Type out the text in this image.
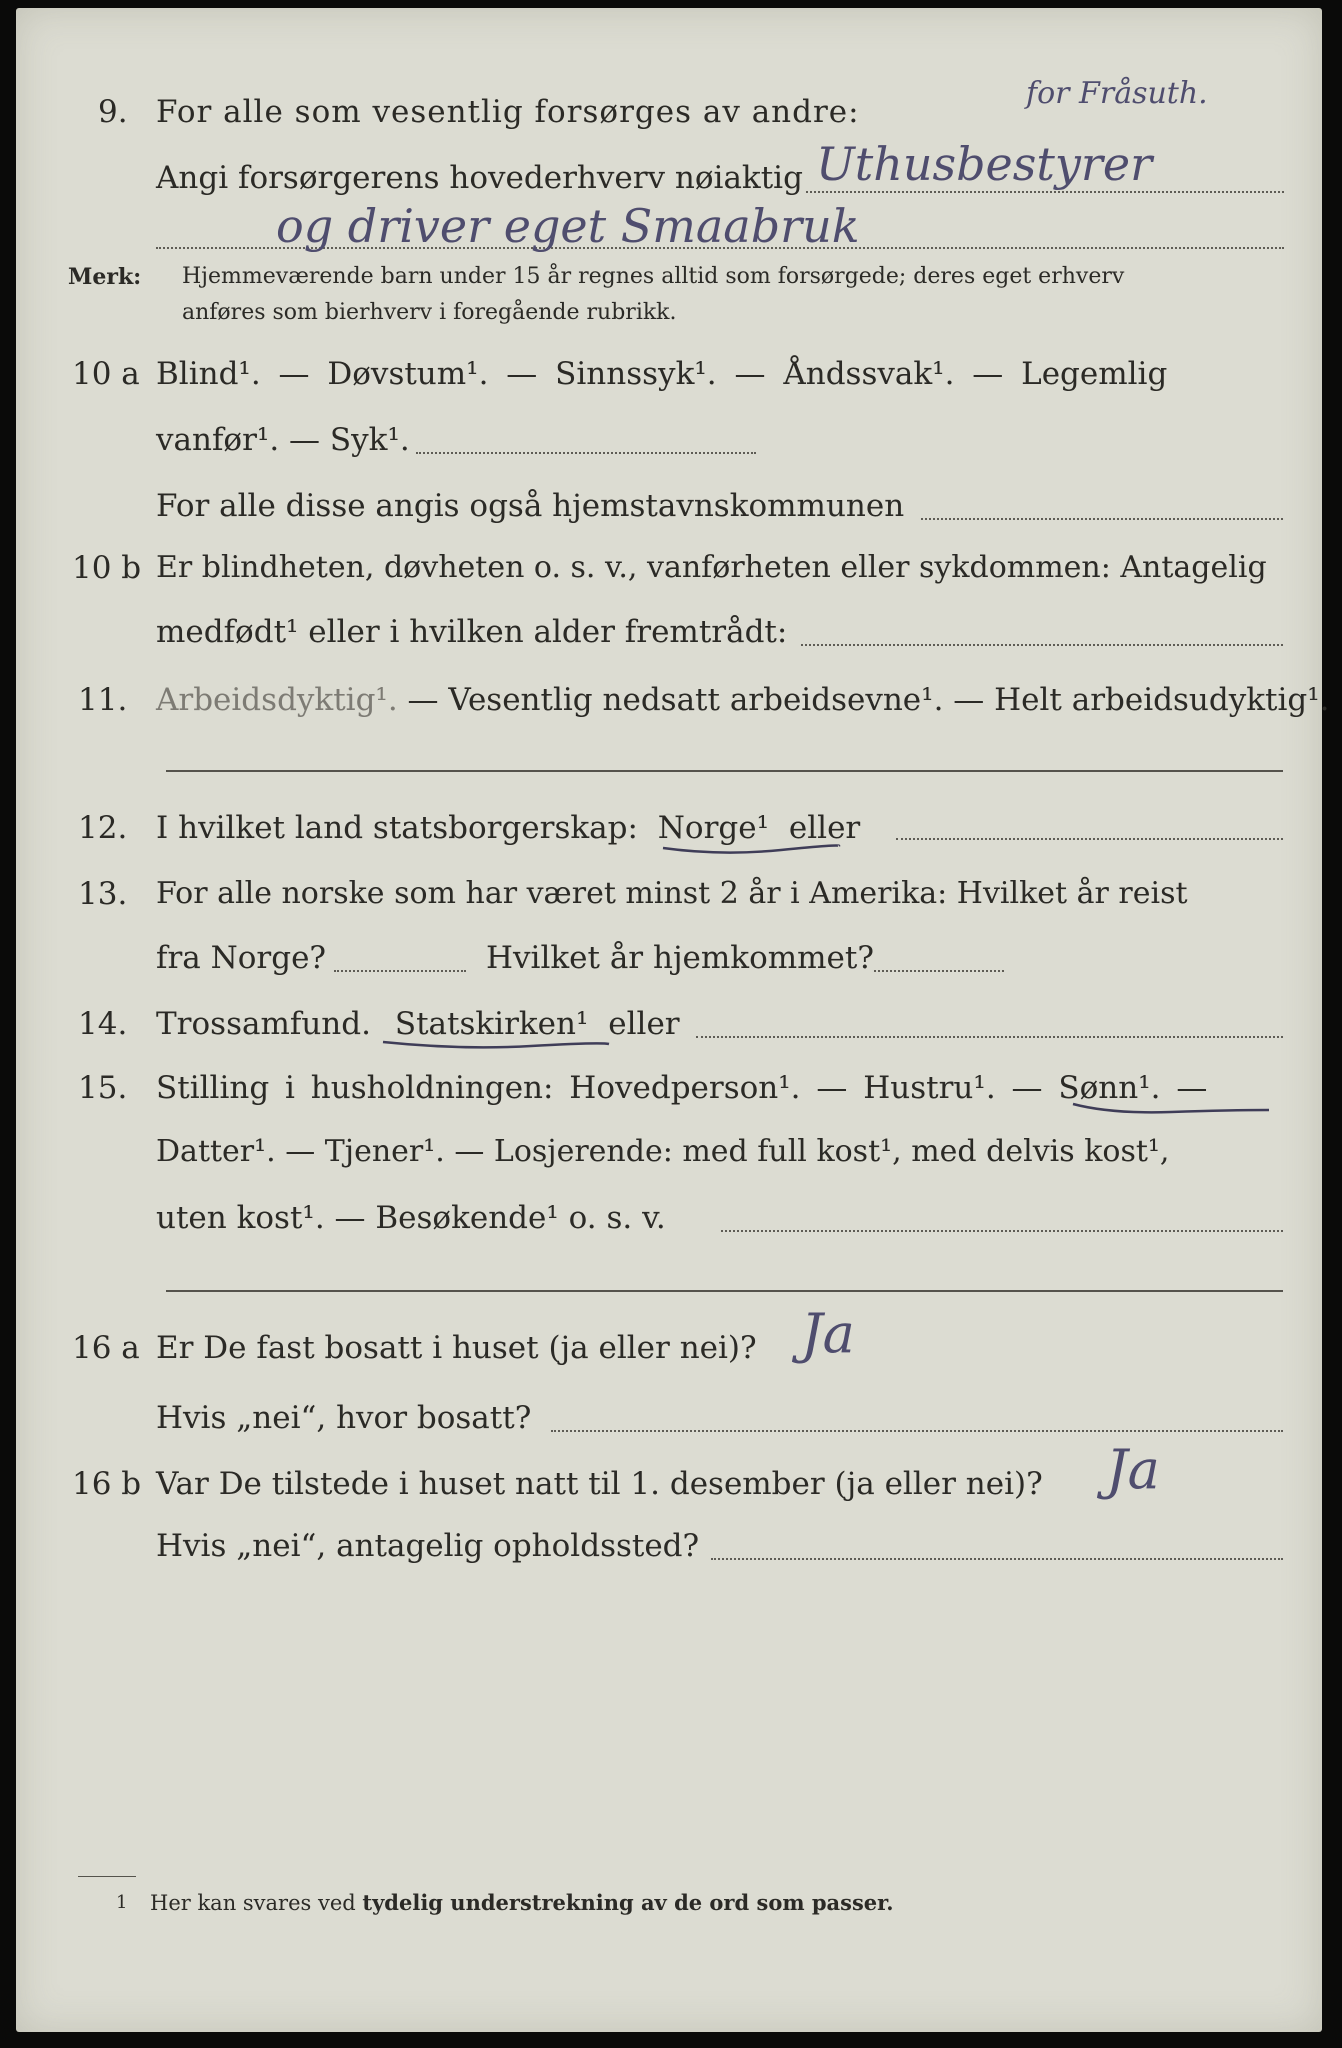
9. For alle som vesentlig forsørges av andre:
for Fråsuth.
Angi forsørgerens hovederhverv nøiaktig Uthusbestyrer
og driver eget Smaabruk
Merk: Hjemmeværende barn under 15 år regnes alltid som forsørgede; deres eget erhverv
anføres som bierhverv i foregående rubrikk.
10 a Blind¹. — Døvstum¹. — Sinnssyk¹. — Åndssvak¹. — Legemlig
vanfør¹. — Syk¹.
For alle disse angis også hjemstavnskommunen
10 b Er blindheten, døvheten o. s. v., vanførheten eller sykdommen: Antagelig
medfødt¹ eller i hvilken alder fremtrådt:
11. Arbeidsdyktig¹. — Vesentlig nedsatt arbeidsevne¹. — Helt arbeidsudyktig¹.
12. I hvilket land statsborgerskap: Norge¹ eller
13. For alle norske som har været minst 2 år i Amerika: Hvilket år reist
fra Norge?	Hvilket år hjemkommet?
14. Trossamfund. Statskirken¹ eller
15. Stilling i husholdningen: Hovedperson¹. — Hustru¹. — Sønn¹. —
Datter¹. — Tjener¹. — Losjerende: med full kost¹, med delvis kost¹,
uten kost¹. — Besøkende¹ o. s. v.
16 a Er De fast bosatt i huset (ja eller nei)? Ja
Hvis „nei“, hvor bosatt?
16 b Var De tilstede i huset natt til 1. desember (ja eller nei)? Ja
Hvis „nei“, antagelig opholdssted?
1 Her kan svares ved tydelig understrekning av de ord som passer.
